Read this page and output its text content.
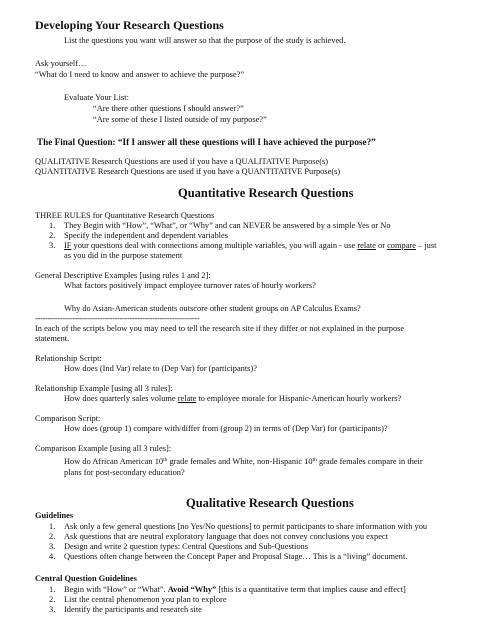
Developing Your Research Questions
List the questions you want will answer so that the purpose of the study is achieved.
Ask yourself…
“What do I need to know and answer to achieve the purpose?”
Evaluate Your List:
“Are there other questions I should answer?”
“Are some of these I listed outside of my purpose?”
The Final Question: “If I answer all these questions will I have achieved the purpose?”
QUALITATIVE Research Questions are used if you have a QUALITATIVE Purpose(s)
QUANTITATIVE Research Questions are used if you have a QUANTITATIVE Purpose(s)
Quantitative Research Questions
THREE RULES for Quantitative Research Questions
1. They Begin with “How”, “What”, or “Why” and can NEVER be answered by a simple Yes or No
2. Specify the independent and dependent variables
3. IF your questions deal with connections among multiple variables, you will again - use relate or compare – just
as you did in the purpose statement
General Descriptive Examples [using rules 1 and 2]:
What factors positively impact employee turnover rates of hourly workers?
Why do Asian-American students outscore other student groups on AP Calculus Exams?
------------------------------------------------------------------
In each of the scripts below you may need to tell the research site if they differ or not explained in the purpose
statement.
Relationship Script:
How does (Ind Var) relate to (Dep Var) for (participants)?
Relationship Example [using all 3 rules]:
How does quarterly sales volume relate to employee morale for Hispanic-American hourly workers?
Comparison Script:
How does (group 1) compare with/differ from (group 2) in terms of (Dep Var) for (participants)?
Comparison Example [using all 3 rules]:
How do African American 10th grade females and White, non-Hispanic 10th grade females compare in their
plans for post-secondary education?
Qualitative Research Questions
Guidelines
1. Ask only a few general questions [no Yes/No questions] to permit participants to share information with you
2. Ask questions that are neutral exploratory language that does not convey conclusions you expect
3. Design and write 2 question types: Central Questions and Sub-Questions
4. Questions often change between the Concept Paper and Proposal Stage… This is a “living” document.
Central Question Guidelines
1. Begin with “How” or “What”. Avoid “Why” [this is a quantitative term that implies cause and effect]
2. List the central phenomenon you plan to explore
3. Identify the participants and research site
